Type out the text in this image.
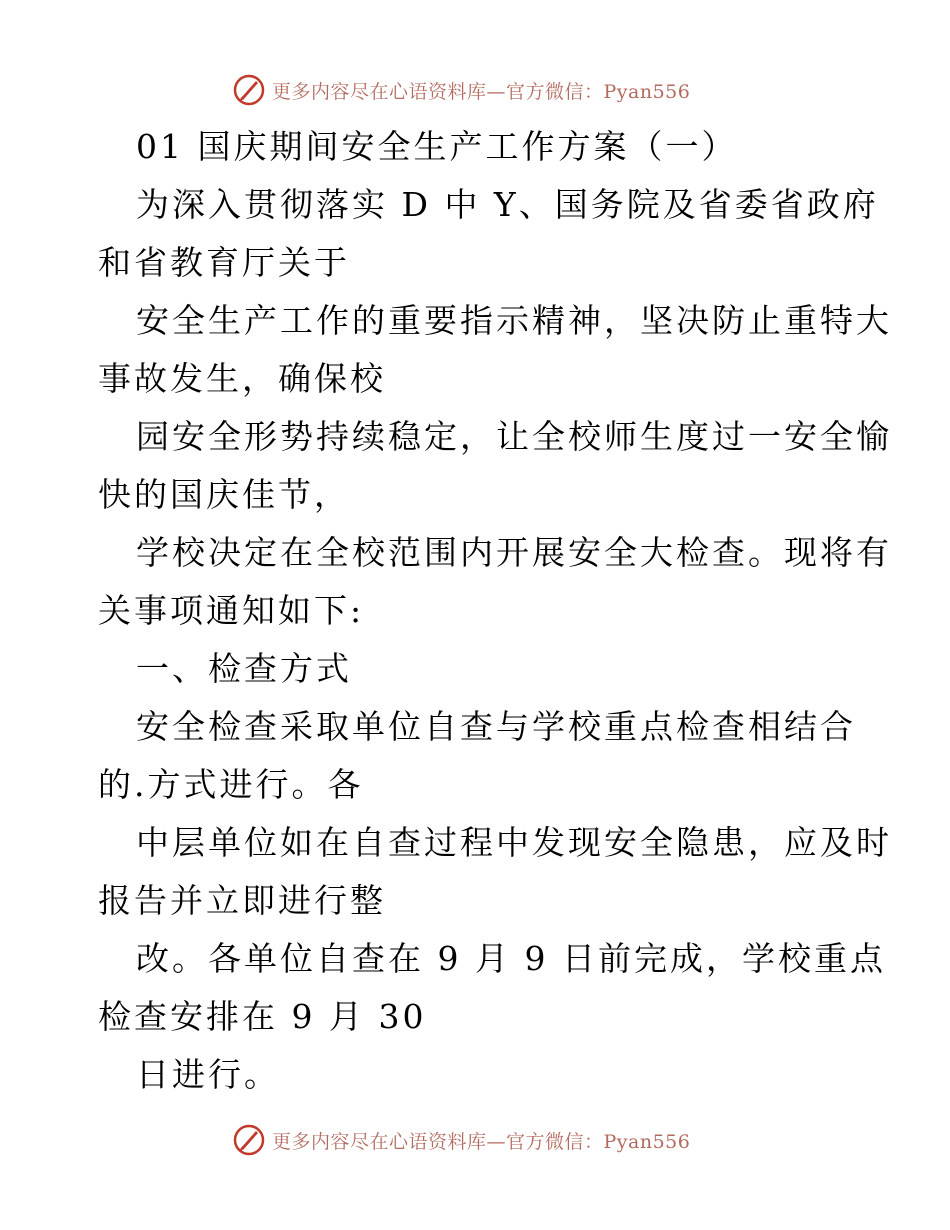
更多内容尽在心语资料库—官方微信：Pyan556
01 国庆期间安全生产工作方案（一）
为深入贯彻落实 D 中 Y、国务院及省委省政府
和省教育厅关于
安全生产工作的重要指示精神，坚决防止重特大
事故发生，确保校
园安全形势持续稳定，让全校师生度过一安全愉
快的国庆佳节，
学校决定在全校范围内开展安全大检查。现将有
关事项通知如下:
一、检查方式
安全检查采取单位自查与学校重点检查相结合
的.方式进行。各
中层单位如在自查过程中发现安全隐患，应及时
报告并立即进行整
改。各单位自查在 9 月 9 日前完成，学校重点
检查安排在 9 月 30
日进行。
更多内容尽在心语资料库—官方微信：Pyan556
